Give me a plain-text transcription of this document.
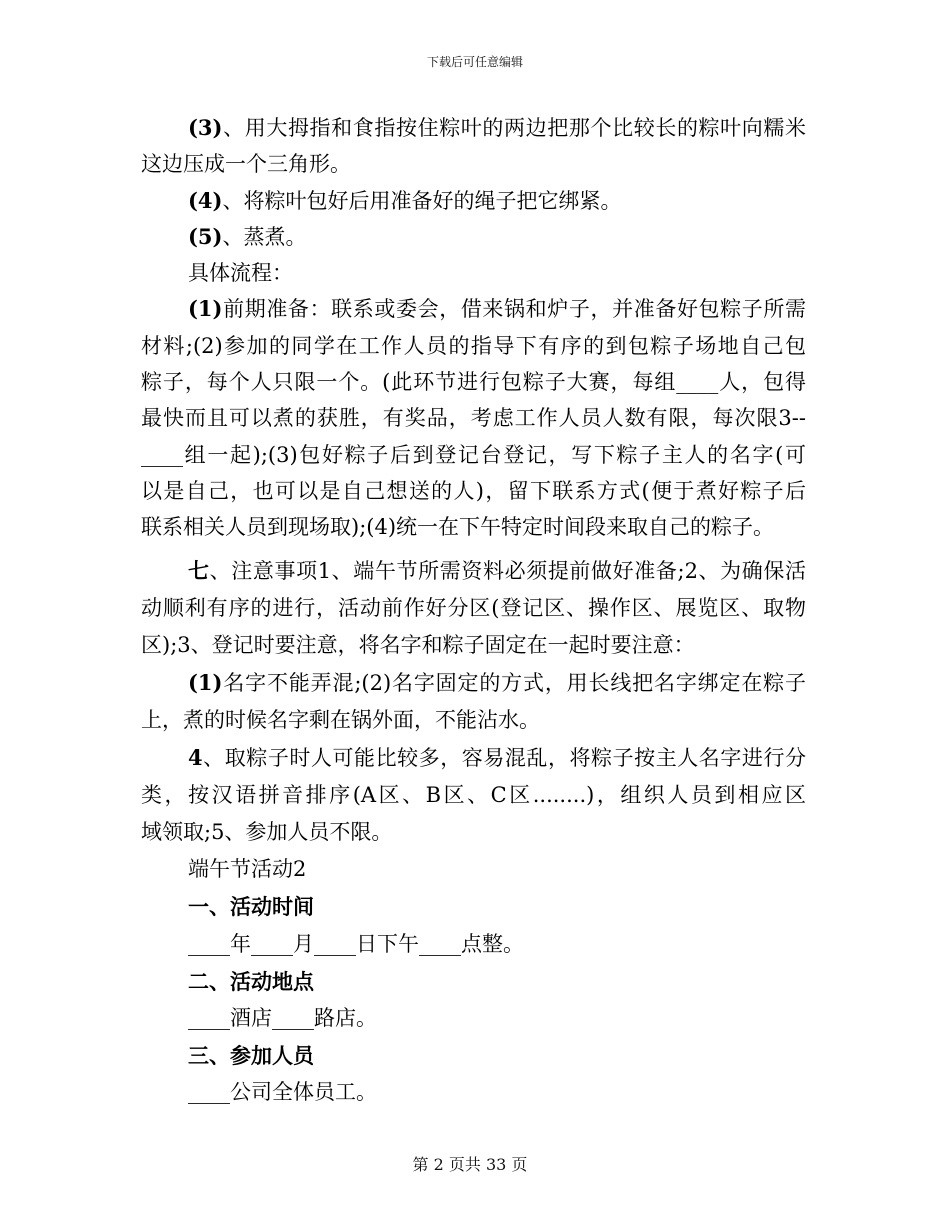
下载后可任意编辑
(3)、用大拇指和食指按住粽叶的两边把那个比较长的粽叶向糯米
这边压成一个三角形。
(4)、将粽叶包好后用准备好的绳子把它绑紧。
(5)、蒸煮。
具体流程：
(1)前期准备：联系或委会，借来锅和炉子，并准备好包粽子所需
材料;(2)参加的同学在工作人员的指导下有序的到包粽子场地自己包
粽子，每个人只限一个。(此环节进行包粽子大赛，每组____人，包得
最快而且可以煮的获胜，有奖品，考虑工作人员人数有限，每次限3--
____组一起);(3)包好粽子后到登记台登记，写下粽子主人的名字(可
以是自己，也可以是自己想送的人)，留下联系方式(便于煮好粽子后
联系相关人员到现场取);(4)统一在下午特定时间段来取自己的粽子。
七、注意事项1、端午节所需资料必须提前做好准备;2、为确保活
动顺利有序的进行，活动前作好分区(登记区、操作区、展览区、取物
区);3、登记时要注意，将名字和粽子固定在一起时要注意：
(1)名字不能弄混;(2)名字固定的方式，用长线把名字绑定在粽子
上，煮的时候名字剩在锅外面，不能沾水。
4、取粽子时人可能比较多，容易混乱，将粽子按主人名字进行分
类，按汉语拼音排序(A区、B区、C区........)，组织人员到相应区
域领取;5、参加人员不限。
端午节活动2
一、活动时间
____年____月____日下午____点整。
二、活动地点
____酒店____路店。
三、参加人员
____公司全体员工。
第 2 页共 33 页
